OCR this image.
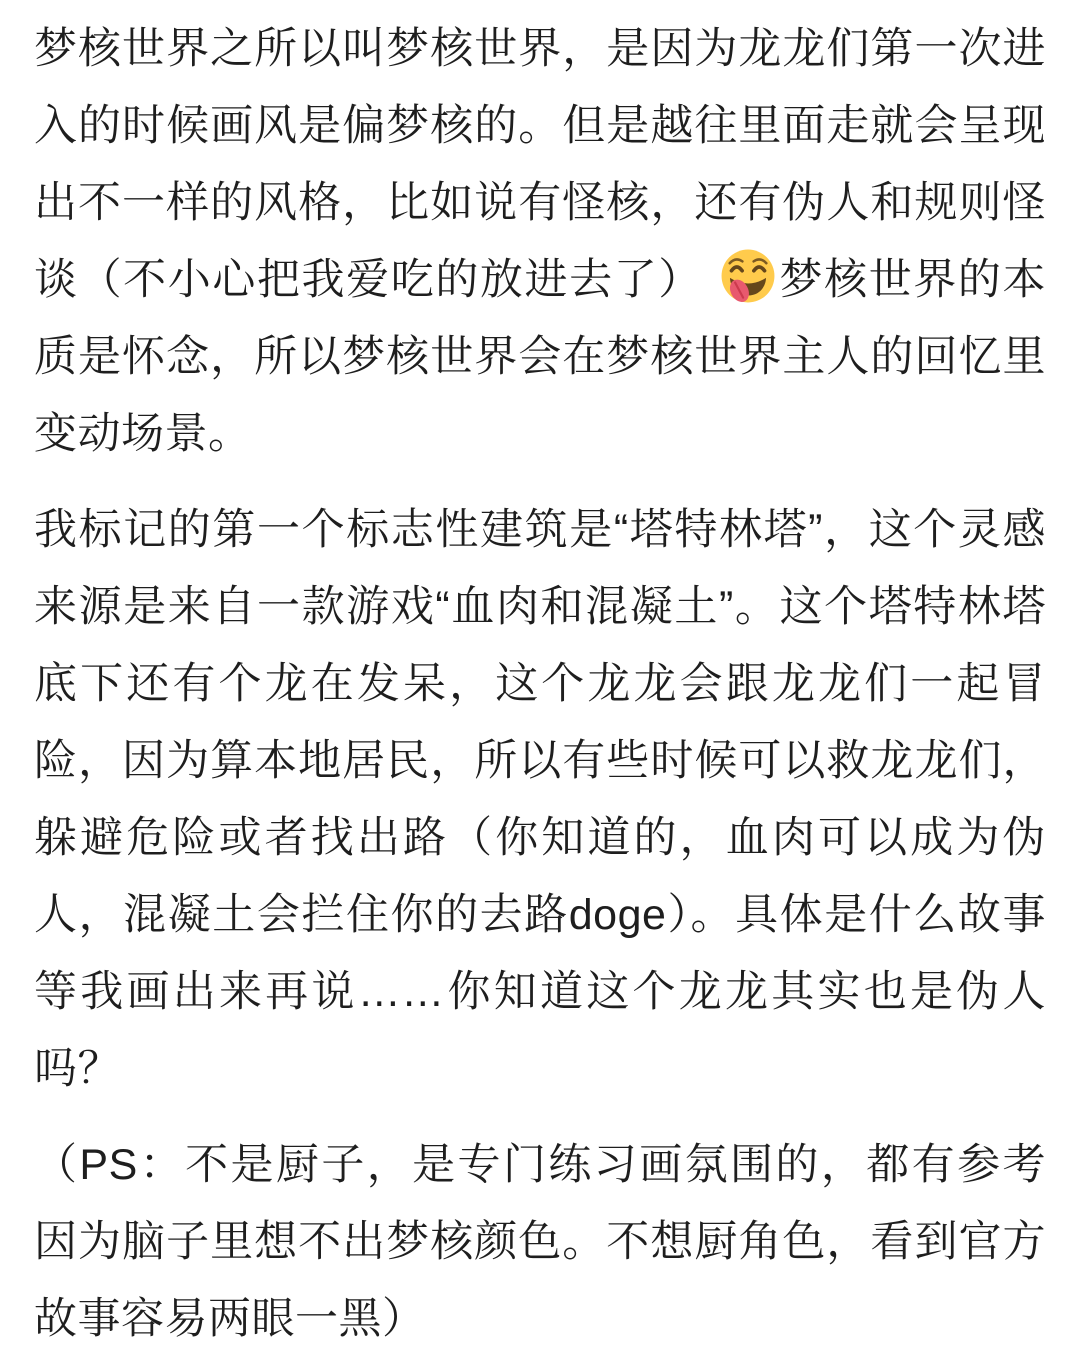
梦核世界之所以叫梦核世界，是因为龙龙们第一次进入的时候画风是偏梦核的。但是越往里面走就会呈现出不一样的风格，比如说有怪核，还有伪人和规则怪谈（不小心把我爱吃的放进去了）
梦核世界的本质是怀念，所以梦核世界会在梦核世界主人的回忆里变动场景。

我标记的第一个标志性建筑是“塔特林塔”，这个灵感来源是来自一款游戏“血肉和混凝土”。这个塔特林塔底下还有个龙在发呆，这个龙龙会跟龙龙们一起冒险，因为算本地居民，所以有些时候可以救龙龙们，躲避危险或者找出路（你知道的，血肉可以成为伪人，混凝土会拦住你的去路doge）。具体是什么故事等我画出来再说……你知道这个龙龙其实也是伪人吗？

（PS：不是厨子，是专门练习画氛围的，都有参考因为脑子里想不出梦核颜色。不想厨角色，看到官方故事容易两眼一黑）
